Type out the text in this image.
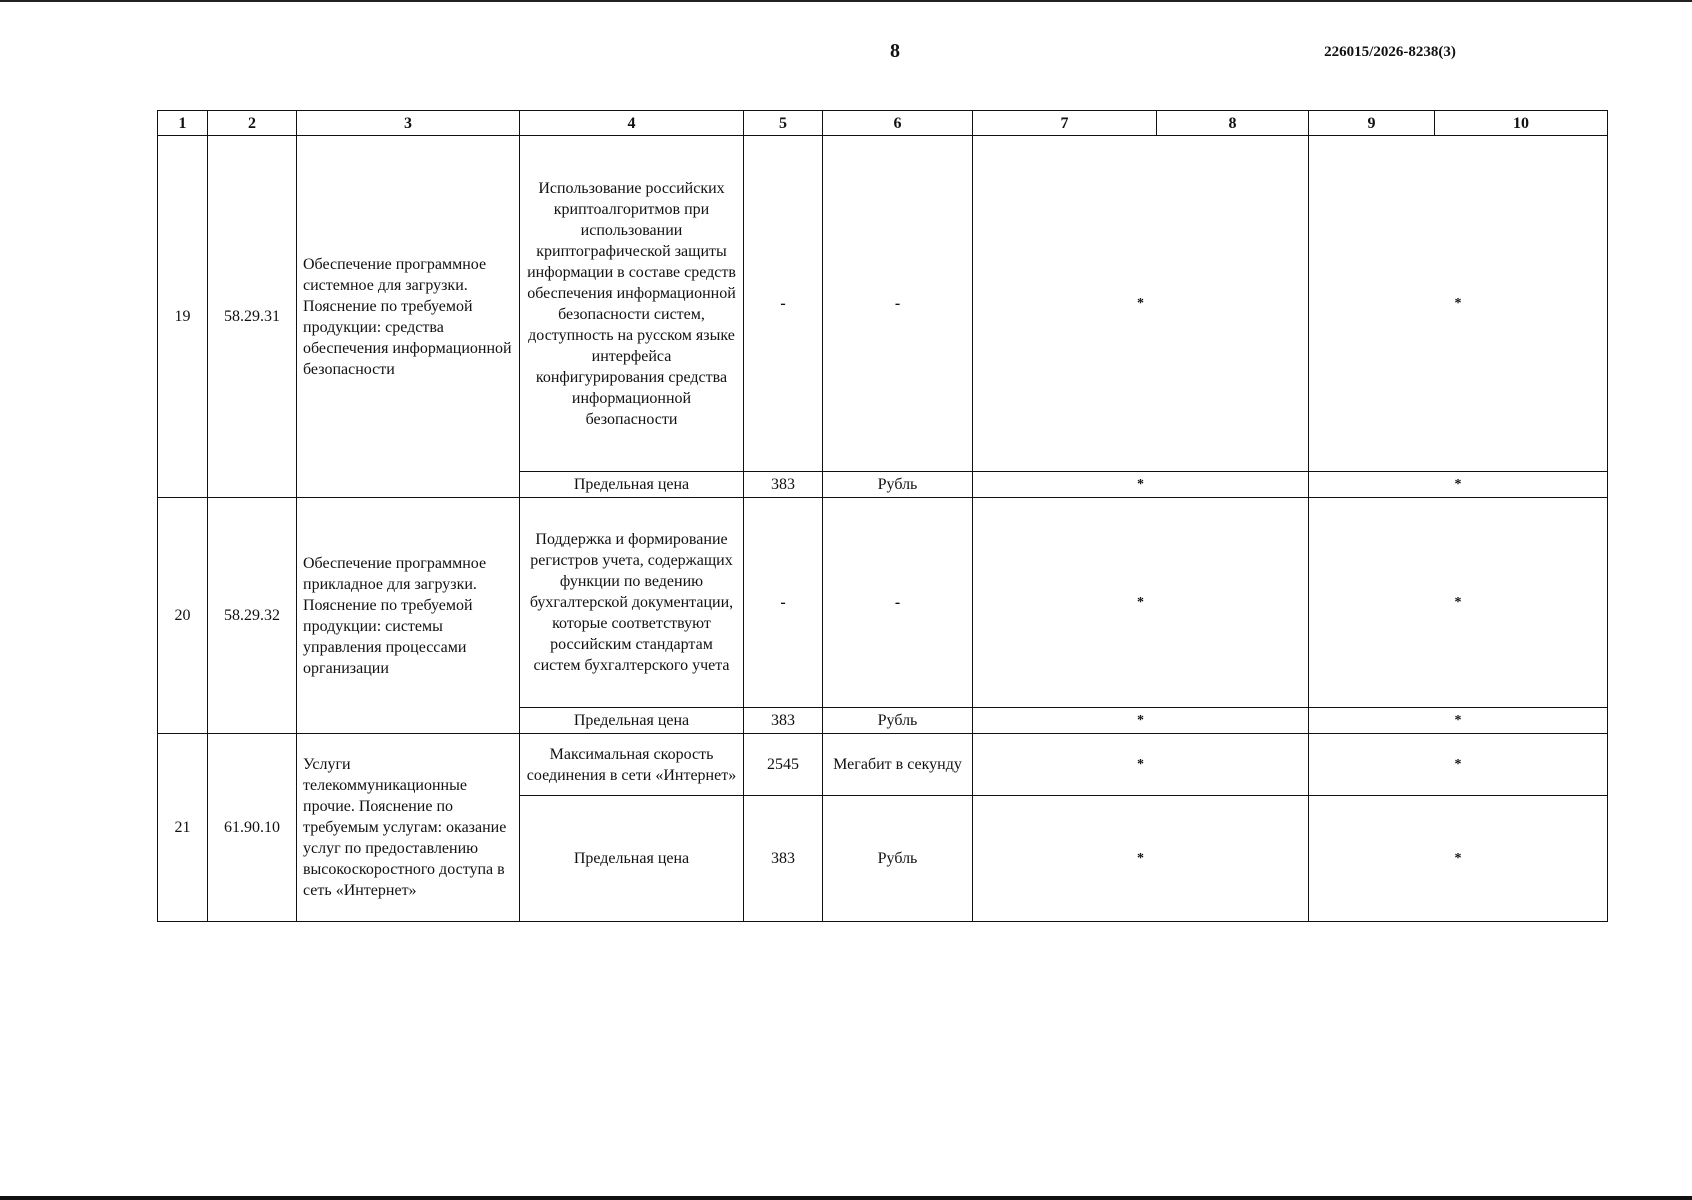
8	226015/2026-8238(3)
1	2	3	4	5	6	7	8	9	10
19	58.29.31	Обеспечение программное системное для загрузки. Пояснение по требуемой продукции: средства обеспечения информационной безопасности	Использование российских криптоалгоритмов при использовании криптографической защиты информации в составе средств обеспечения информационной безопасности систем, доступность на русском языке интерфейса конфигурирования средства информационной безопасности	-	-	*		*	
			Предельная цена	383	Рубль	*		*	
20	58.29.32	Обеспечение программное прикладное для загрузки. Пояснение по требуемой продукции: системы управления процессами организации	Поддержка и формирование регистров учета, содержащих функции по ведению бухгалтерской документации, которые соответствуют российским стандартам систем бухгалтерского учета	-	-	*		*	
			Предельная цена	383	Рубль	*		*	
21	61.90.10	Услуги телекоммуникационные прочие. Пояснение по требуемым услугам: оказание услуг по предоставлению высокоскоростного доступа в сеть «Интернет»	Максимальная скорость соединения в сети «Интернет»	2545	Мегабит в секунду	*		*	
			Предельная цена	383	Рубль	*		*	
